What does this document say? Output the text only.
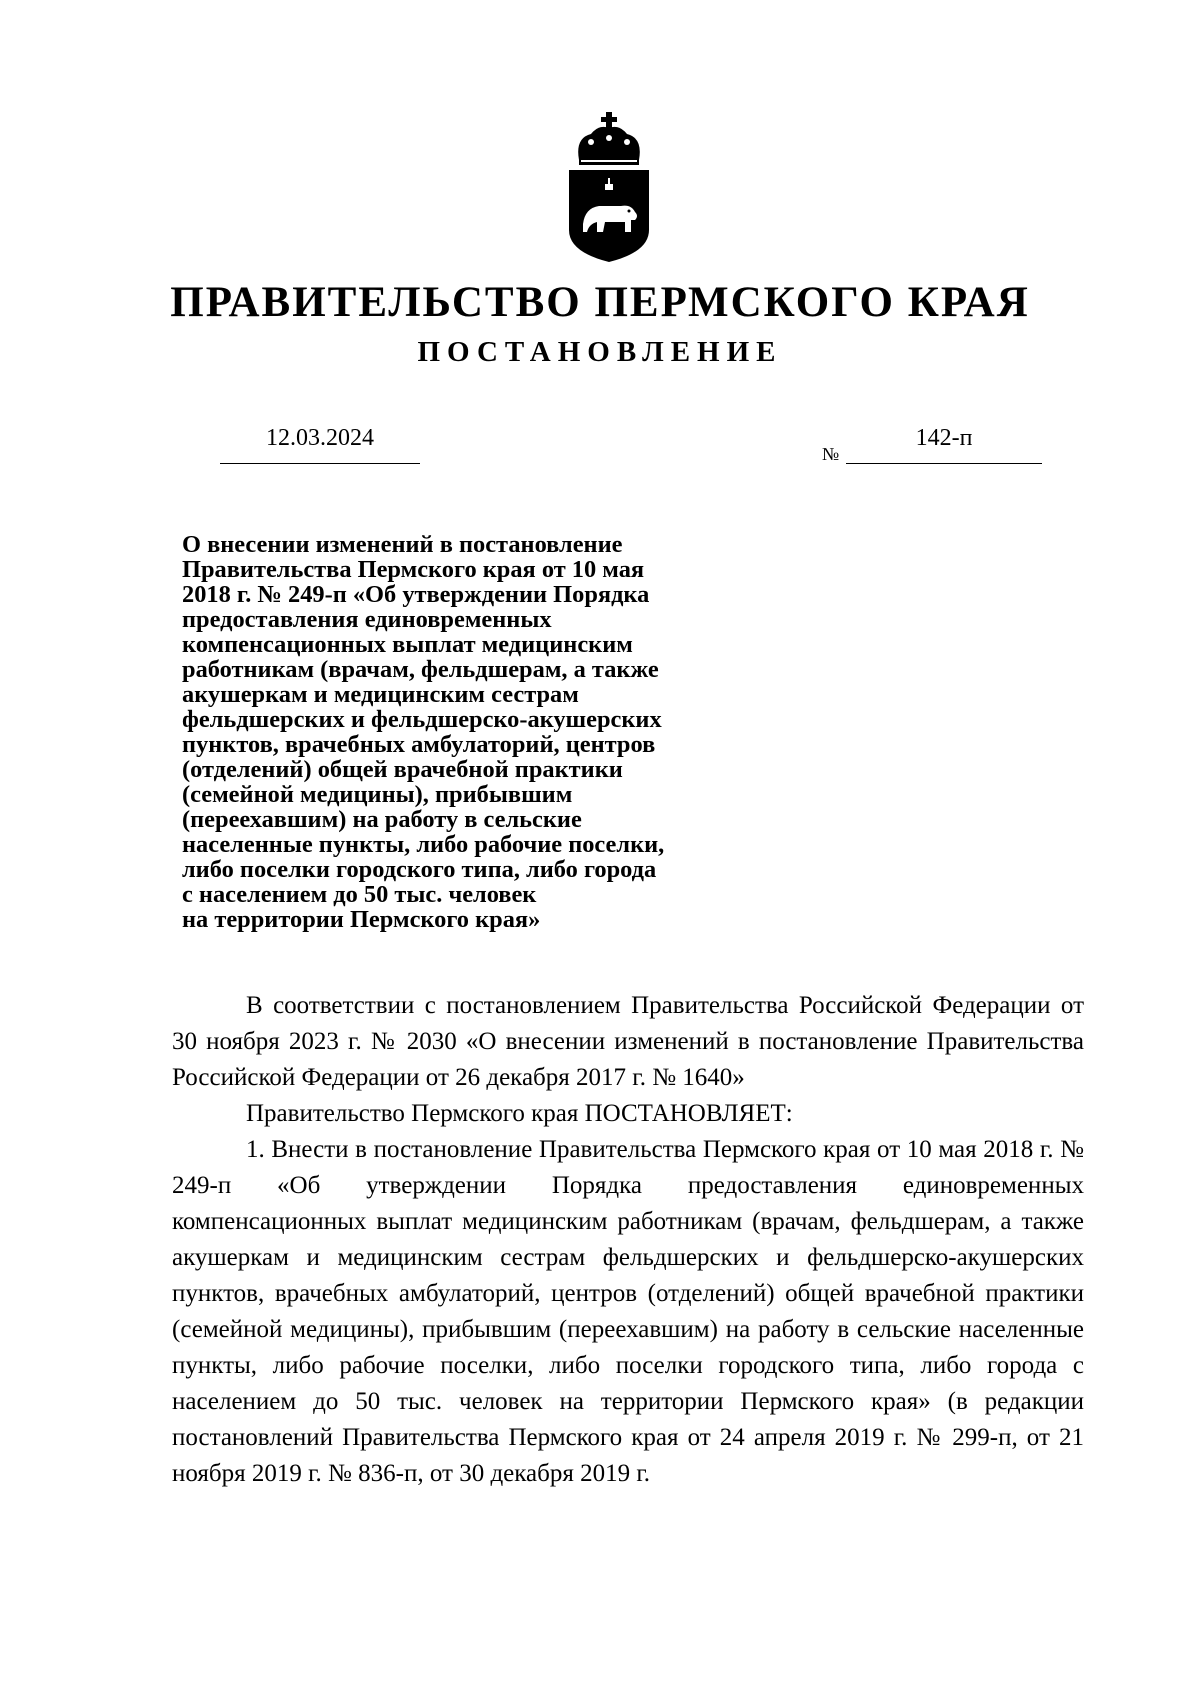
ПРАВИТЕЛЬСТВО ПЕРМСКОГО КРАЯ
ПОСТАНОВЛЕНИЕ
12.03.2024
№
142-п
О внесении изменений в постановление
Правительства Пермского края от 10 мая
2018 г. № 249-п «Об утверждении Порядка
предоставления единовременных
компенсационных выплат медицинским
работникам (врачам, фельдшерам, а также
акушеркам и медицинским сестрам
фельдшерских и фельдшерско-акушерских
пунктов, врачебных амбулаторий, центров
(отделений) общей врачебной практики
(семейной медицины), прибывшим
(переехавшим) на работу в сельские
населенные пункты, либо рабочие поселки,
либо поселки городского типа, либо города
с населением до 50 тыс. человек
на территории Пермского края»

В соответствии с постановлением Правительства Российской Федерации от 30 ноября 2023 г. № 2030 «О внесении изменений в постановление Правительства Российской Федерации от 26 декабря 2017 г. № 1640»

Правительство Пермского края ПОСТАНОВЛЯЕТ:

1. Внести в постановление Правительства Пермского края от 10 мая 2018 г. № 249-п «Об утверждении Порядка предоставления единовременных компенсационных выплат медицинским работникам (врачам, фельдшерам, а также акушеркам и медицинским сестрам фельдшерских и фельдшерско-акушерских пунктов, врачебных амбулаторий, центров (отделений) общей врачебной практики (семейной медицины), прибывшим (переехавшим) на работу в сельские населенные пункты, либо рабочие поселки, либо поселки городского типа, либо города с населением до 50 тыс. человек на территории Пермского края» (в редакции постановлений Правительства Пермского края от 24 апреля 2019 г. № 299-п, от 21 ноября 2019 г. № 836-п, от 30 декабря 2019 г.
